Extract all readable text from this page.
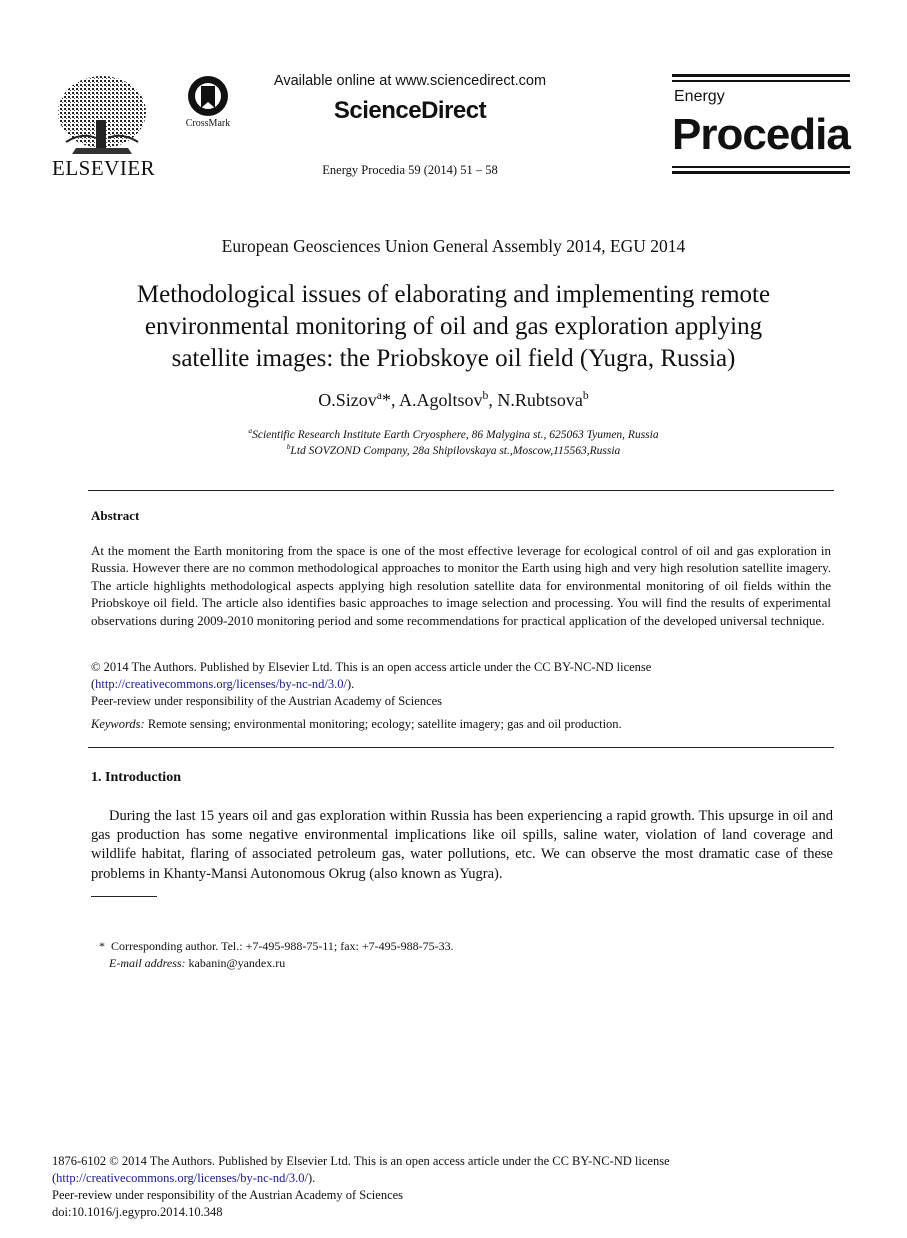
ELSEVIER
CrossMark
Available online at www.sciencedirect.com
ScienceDirect
Energy Procedia 59 (2014) 51 – 58
Energy
Procedia
European Geosciences Union General Assembly 2014, EGU 2014
Methodological issues of elaborating and implementing remote
environmental monitoring of oil and gas exploration applying
satellite images: the Priobskoye oil field (Yugra, Russia)
O.Sizov$^a$*, A.Agoltsov$^b$, N.Rubtsova$^b$
$^a$Scientific Research Institute Earth Cryosphere, 86 Malygina st., 625063 Tyumen, Russia
$^b$Ltd SOVZOND Company, 28a Shipilovskaya st.,Moscow,115563,Russia
Abstract
At the moment the Earth monitoring from the space is one of the most effective leverage for ecological control of oil and gas exploration in Russia. However there are no common methodological approaches to monitor the Earth using high and very high resolution satellite imagery. The article highlights methodological aspects applying high resolution satellite data for environmental monitoring of oil fields within the Priobskoye oil field. The article also identifies basic approaches to image selection and processing. You will find the results of experimental observations during 2009-2010 monitoring period and some recommendations for practical application of the developed universal technique.
© 2014 The Authors. Published by Elsevier Ltd. This is an open access article under the CC BY-NC-ND license
(http://creativecommons.org/licenses/by-nc-nd/3.0/).
Peer-review under responsibility of the Austrian Academy of Sciences
Keywords: Remote sensing; environmental monitoring; ecology; satellite imagery; gas and oil production.
1. Introduction
During the last 15 years oil and gas exploration within Russia has been experiencing a rapid growth. This upsurge in oil and gas production has some negative environmental implications like oil spills, saline water, violation of land coverage and wildlife habitat, flaring of associated petroleum gas, water pollutions, etc. We can observe the most dramatic case of these problems in Khanty-Mansi Autonomous Okrug (also known as Yugra).
* Corresponding author. Tel.: +7-495-988-75-11; fax: +7-495-988-75-33.
E-mail address: kabanin@yandex.ru
1876-6102 © 2014 The Authors. Published by Elsevier Ltd. This is an open access article under the CC BY-NC-ND license
(http://creativecommons.org/licenses/by-nc-nd/3.0/).
Peer-review under responsibility of the Austrian Academy of Sciences
doi:10.1016/j.egypro.2014.10.348
